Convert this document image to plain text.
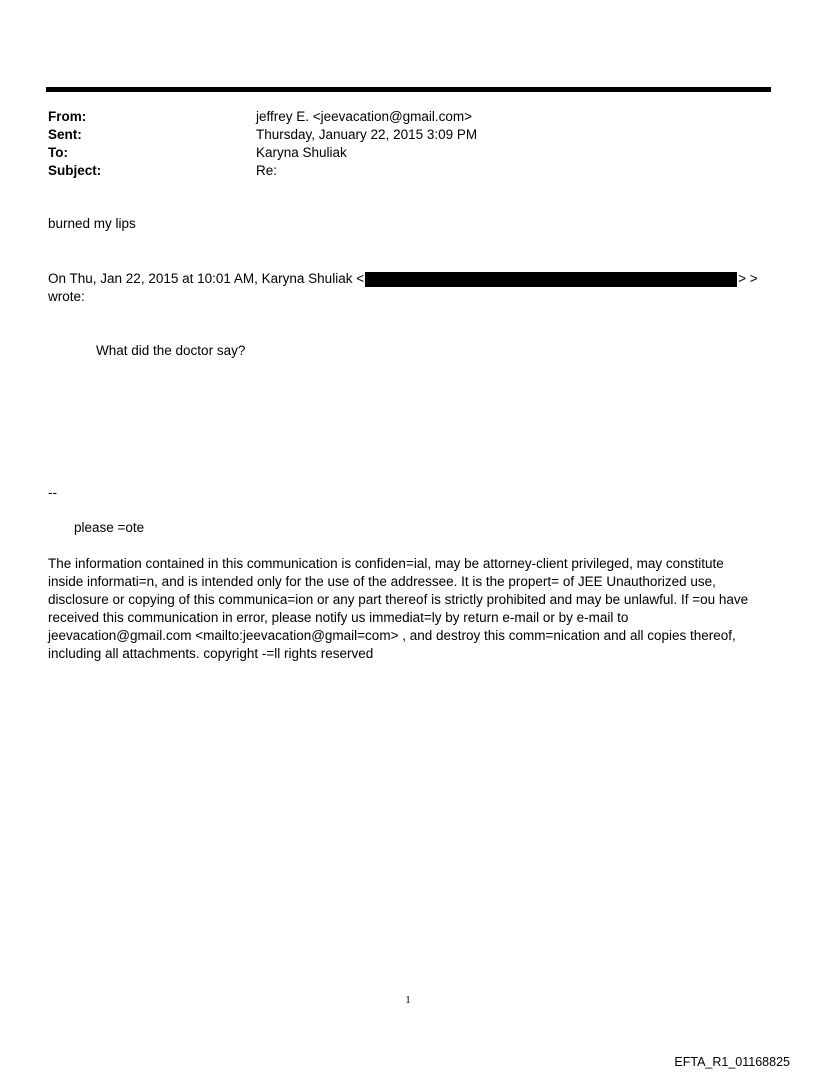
From:	jeffrey E. <jeevacation@gmail.com>
Sent:	Thursday, January 22, 2015 3:09 PM
To:	Karyna Shuliak
Subject:	Re:
burned my lips
On Thu, Jan 22, 2015 at 10:01 AM, Karyna Shuliak <	> >
wrote:
What did the doctor say?
--
please =ote
The information contained in this communication is confiden=ial, may be attorney-client privileged, may constitute
inside informati=n, and is intended only for the use of the addressee. It is the propert= of JEE Unauthorized use,
disclosure or copying of this communica=ion or any part thereof is strictly prohibited and may be unlawful. If =ou have
received this communication in error, please notify us immediat=ly by return e-mail or by e-mail to
jeevacation@gmail.com <mailto:jeevacation@gmail=com> , and destroy this comm=nication and all copies thereof,
including all attachments. copyright -=ll rights reserved
1
EFTA_R1_01168825
